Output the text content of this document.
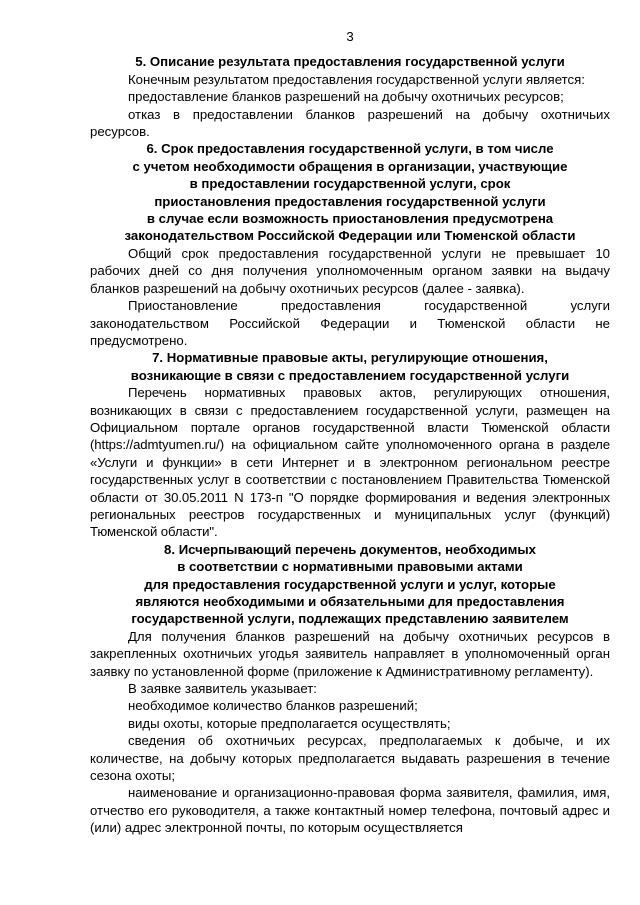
3
5. Описание результата предоставления государственной услуги
Конечным результатом предоставления государственной услуги является:
предоставление бланков разрешений на добычу охотничьих ресурсов;
отказ в предоставлении бланков разрешений на добычу охотничьих ресурсов.
6. Срок предоставления государственной услуги, в том числе
с учетом необходимости обращения в организации, участвующие
в предоставлении государственной услуги, срок
приостановления предоставления государственной услуги
в случае если возможность приостановления предусмотрена
законодательством Российской Федерации или Тюменской области
Общий срок предоставления государственной услуги не превышает 10 рабочих дней со дня получения уполномоченным органом заявки на выдачу бланков разрешений на добычу охотничьих ресурсов (далее - заявка).
Приостановление предоставления государственной услуги законодательством Российской Федерации и Тюменской области не предусмотрено.
7. Нормативные правовые акты, регулирующие отношения,
возникающие в связи с предоставлением государственной услуги
Перечень нормативных правовых актов, регулирующих отношения, возникающих в связи с предоставлением государственной услуги, размещен на Официальном портале органов государственной власти Тюменской области (https://admtyumen.ru/) на официальном сайте уполномоченного органа в разделе «Услуги и функции» в сети Интернет и в электронном региональном реестре государственных услуг в соответствии с постановлением Правительства Тюменской области от 30.05.2011 N 173-п "О порядке формирования и ведения электронных региональных реестров государственных и муниципальных услуг (функций) Тюменской области".
8. Исчерпывающий перечень документов, необходимых
в соответствии с нормативными правовыми актами
для предоставления государственной услуги и услуг, которые
являются необходимыми и обязательными для предоставления
государственной услуги, подлежащих представлению заявителем
Для получения бланков разрешений на добычу охотничьих ресурсов в закрепленных охотничьих угодья заявитель направляет в уполномоченный орган заявку по установленной форме (приложение к Административному регламенту).
В заявке заявитель указывает:
необходимое количество бланков разрешений;
виды охоты, которые предполагается осуществлять;
сведения об охотничьих ресурсах, предполагаемых к добыче, и их количестве, на добычу которых предполагается выдавать разрешения в течение сезона охоты;
наименование и организационно-правовая форма заявителя, фамилия, имя, отчество его руководителя, а также контактный номер телефона, почтовый адрес и (или) адрес электронной почты, по которым осуществляется
